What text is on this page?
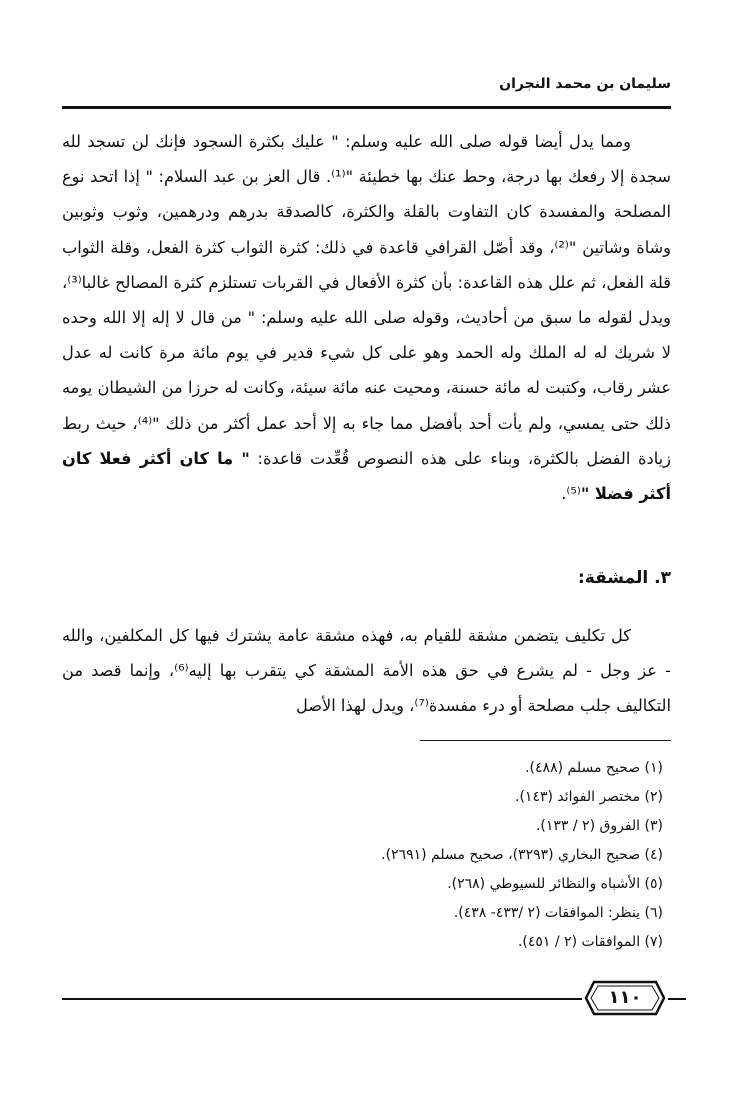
سليمان بن محمد النجران

ومما يدل أيضا قوله صلى الله عليه وسلم: " عليك بكثرة السجود فإنك لن تسجد لله سجدة إلا رفعك بها درجة، وحط عنك بها خطيئة "⁽¹⁾. قال العز بن عبد السلام: " إذا اتحد نوع المصلحة والمفسدة كان التفاوت بالقلة والكثرة، كالصدقة بدرهم ودرهمين، وثوب وثوبين وشاة وشاتين "⁽²⁾، وقد أصّل القرافي قاعدة في ذلك: كثرة الثواب كثرة الفعل، وقلة الثواب قلة الفعل، ثم علل هذه القاعدة: بأن كثرة الأفعال في القربات تستلزم كثرة المصالح غالبا⁽³⁾، ويدل لقوله ما سبق من أحاديث، وقوله صلى الله عليه وسلم: " من قال لا إله إلا الله وحده لا شريك له له الملك وله الحمد وهو على كل شيء قدير في يوم مائة مرة كانت له عدل عشر رقاب، وكتبت له مائة حسنة، ومحيت عنه مائة سيئة، وكانت له حرزا من الشيطان يومه ذلك حتى يمسي، ولم يأت أحد بأفضل مما جاء به إلا أحد عمل أكثر من ذلك "⁽⁴⁾، حيث ربط زيادة الفضل بالكثرة، وبناء على هذه النصوص قُعِّدت قاعدة: " ما كان أكثر فعلا كان أكثر فضلا "⁽⁵⁾.

٣. المشقة:

كل تكليف يتضمن مشقة للقيام به، فهذه مشقة عامة يشترك فيها كل المكلفين، والله - عز وجل - لم يشرع في حق هذه الأمة المشقة كي يتقرب بها إليه⁽⁶⁾، وإنما قصد من التكاليف جلب مصلحة أو درء مفسدة⁽⁷⁾، ويدل لهذا الأصل

(١) صحيح مسلم (٤٨٨).
(٢) مختصر الفوائد (١٤٣).
(٣) الفروق (٢ / ١٣٣).
(٤) صحيح البخاري (٣٢٩٣)، صحيح مسلم (٢٦٩١).
(٥) الأشباه والنظائر للسيوطي (٢٦٨).
(٦) ينظر: الموافقات (٢ /٤٣٣- ٤٣٨).
(٧) الموافقات (٢ / ٤٥١).
١١٠
